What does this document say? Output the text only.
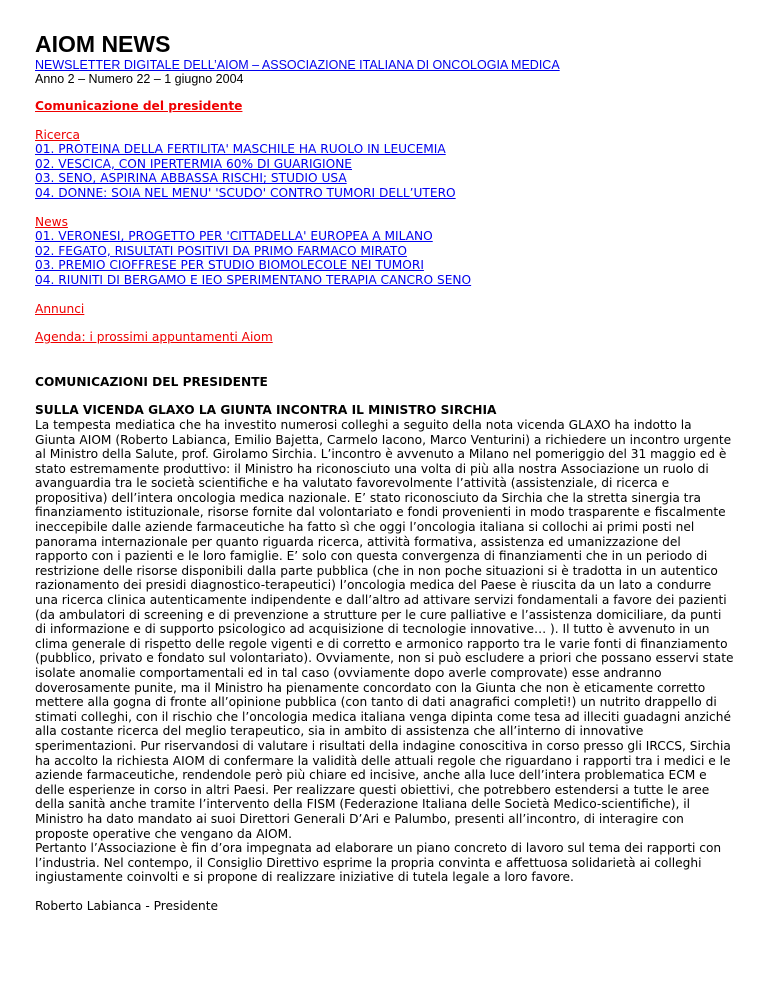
AIOM NEWS
NEWSLETTER DIGITALE DELL’AIOM – ASSOCIAZIONE ITALIANA DI ONCOLOGIA MEDICA
Anno 2 – Numero 22 – 1 giugno 2004
Comunicazione del presidente
Ricerca
01. PROTEINA DELLA FERTILITA' MASCHILE HA RUOLO IN LEUCEMIA
02. VESCICA, CON IPERTERMIA 60% DI GUARIGIONE
03. SENO, ASPIRINA ABBASSA RISCHI; STUDIO USA
04. DONNE: SOIA NEL MENU' 'SCUDO' CONTRO TUMORI DELL’UTERO
News
01. VERONESI, PROGETTO PER 'CITTADELLA' EUROPEA A MILANO
02. FEGATO, RISULTATI POSITIVI DA PRIMO FARMACO MIRATO
03. PREMIO CIOFFRESE PER STUDIO BIOMOLECOLE NEI TUMORI
04. RIUNITI DI BERGAMO E IEO SPERIMENTANO TERAPIA CANCRO SENO
Annunci
Agenda: i prossimi appuntamenti Aiom
COMUNICAZIONI DEL PRESIDENTE
SULLA VICENDA GLAXO LA GIUNTA INCONTRA IL MINISTRO SIRCHIA

La tempesta mediatica che ha investito numerosi colleghi a seguito della nota vicenda GLAXO ha indotto la Giunta AIOM (Roberto Labianca, Emilio Bajetta, Carmelo Iacono, Marco Venturini) a richiedere un incontro urgente al Ministro della Salute, prof. Girolamo Sirchia. L’incontro è avvenuto a Milano nel pomeriggio del 31 maggio ed è stato estremamente produttivo: il Ministro ha riconosciuto una volta di più alla nostra Associazione un ruolo di avanguardia tra le società scientifiche e ha valutato favorevolmente l’attività (assistenziale, di ricerca e propositiva) dell’intera oncologia medica nazionale. E’ stato riconosciuto da Sirchia che la stretta sinergia tra finanziamento istituzionale, risorse fornite dal volontariato e fondi provenienti in modo trasparente e fiscalmente ineccepibile dalle aziende farmaceutiche ha fatto sì che oggi l’oncologia italiana si collochi ai primi posti nel panorama internazionale per quanto riguarda ricerca, attività formativa, assistenza ed umanizzazione del rapporto con i pazienti e le loro famiglie. E’ solo con questa convergenza di finanziamenti che in un periodo di restrizione delle risorse disponibili dalla parte pubblica (che in non poche situazioni si è tradotta in un autentico razionamento dei presidi diagnostico-terapeutici) l’oncologia medica del Paese è riuscita da un lato a condurre una ricerca clinica autenticamente indipendente e dall’altro ad attivare servizi fondamentali a favore dei pazienti (da ambulatori di screening e di prevenzione a strutture per le cure palliative e l’assistenza domiciliare, da punti di informazione e di supporto psicologico ad acquisizione di tecnologie innovative… ). Il tutto è avvenuto in un clima generale di rispetto delle regole vigenti e di corretto e armonico rapporto tra le varie fonti di finanziamento (pubblico, privato e fondato sul volontariato). Ovviamente, non si può escludere a priori che possano esservi state isolate anomalie comportamentali ed in tal caso (ovviamente dopo averle comprovate) esse andranno doverosamente punite, ma il Ministro ha pienamente concordato con la Giunta che non è eticamente corretto mettere alla gogna di fronte all’opinione pubblica (con tanto di dati anagrafici completi!) un nutrito drappello di stimati colleghi, con il rischio che l’oncologia medica italiana venga dipinta come tesa ad illeciti guadagni anziché alla costante ricerca del meglio terapeutico, sia in ambito di assistenza che all’interno di innovative sperimentazioni. Pur riservandosi di valutare i risultati della indagine conoscitiva in corso presso gli IRCCS, Sirchia ha accolto la richiesta AIOM di confermare la validità delle attuali regole che riguardano i rapporti tra i medici e le aziende farmaceutiche, rendendole però più chiare ed incisive, anche alla luce dell’intera problematica ECM e delle esperienze in corso in altri Paesi. Per realizzare questi obiettivi, che potrebbero estendersi a tutte le aree della sanità anche tramite l’intervento della FISM (Federazione Italiana delle Società Medico-scientifiche), il Ministro ha dato mandato ai suoi Direttori Generali D’Ari e Palumbo, presenti all’incontro, di interagire con proposte operative che vengano da AIOM.

Pertanto l’Associazione è fin d’ora impegnata ad elaborare un piano concreto di lavoro sul tema dei rapporti con l’industria. Nel contempo, il Consiglio Direttivo esprime la propria convinta e affettuosa solidarietà ai colleghi ingiustamente coinvolti e si propone di realizzare iniziative di tutela legale a loro favore.

Roberto Labianca - Presidente
